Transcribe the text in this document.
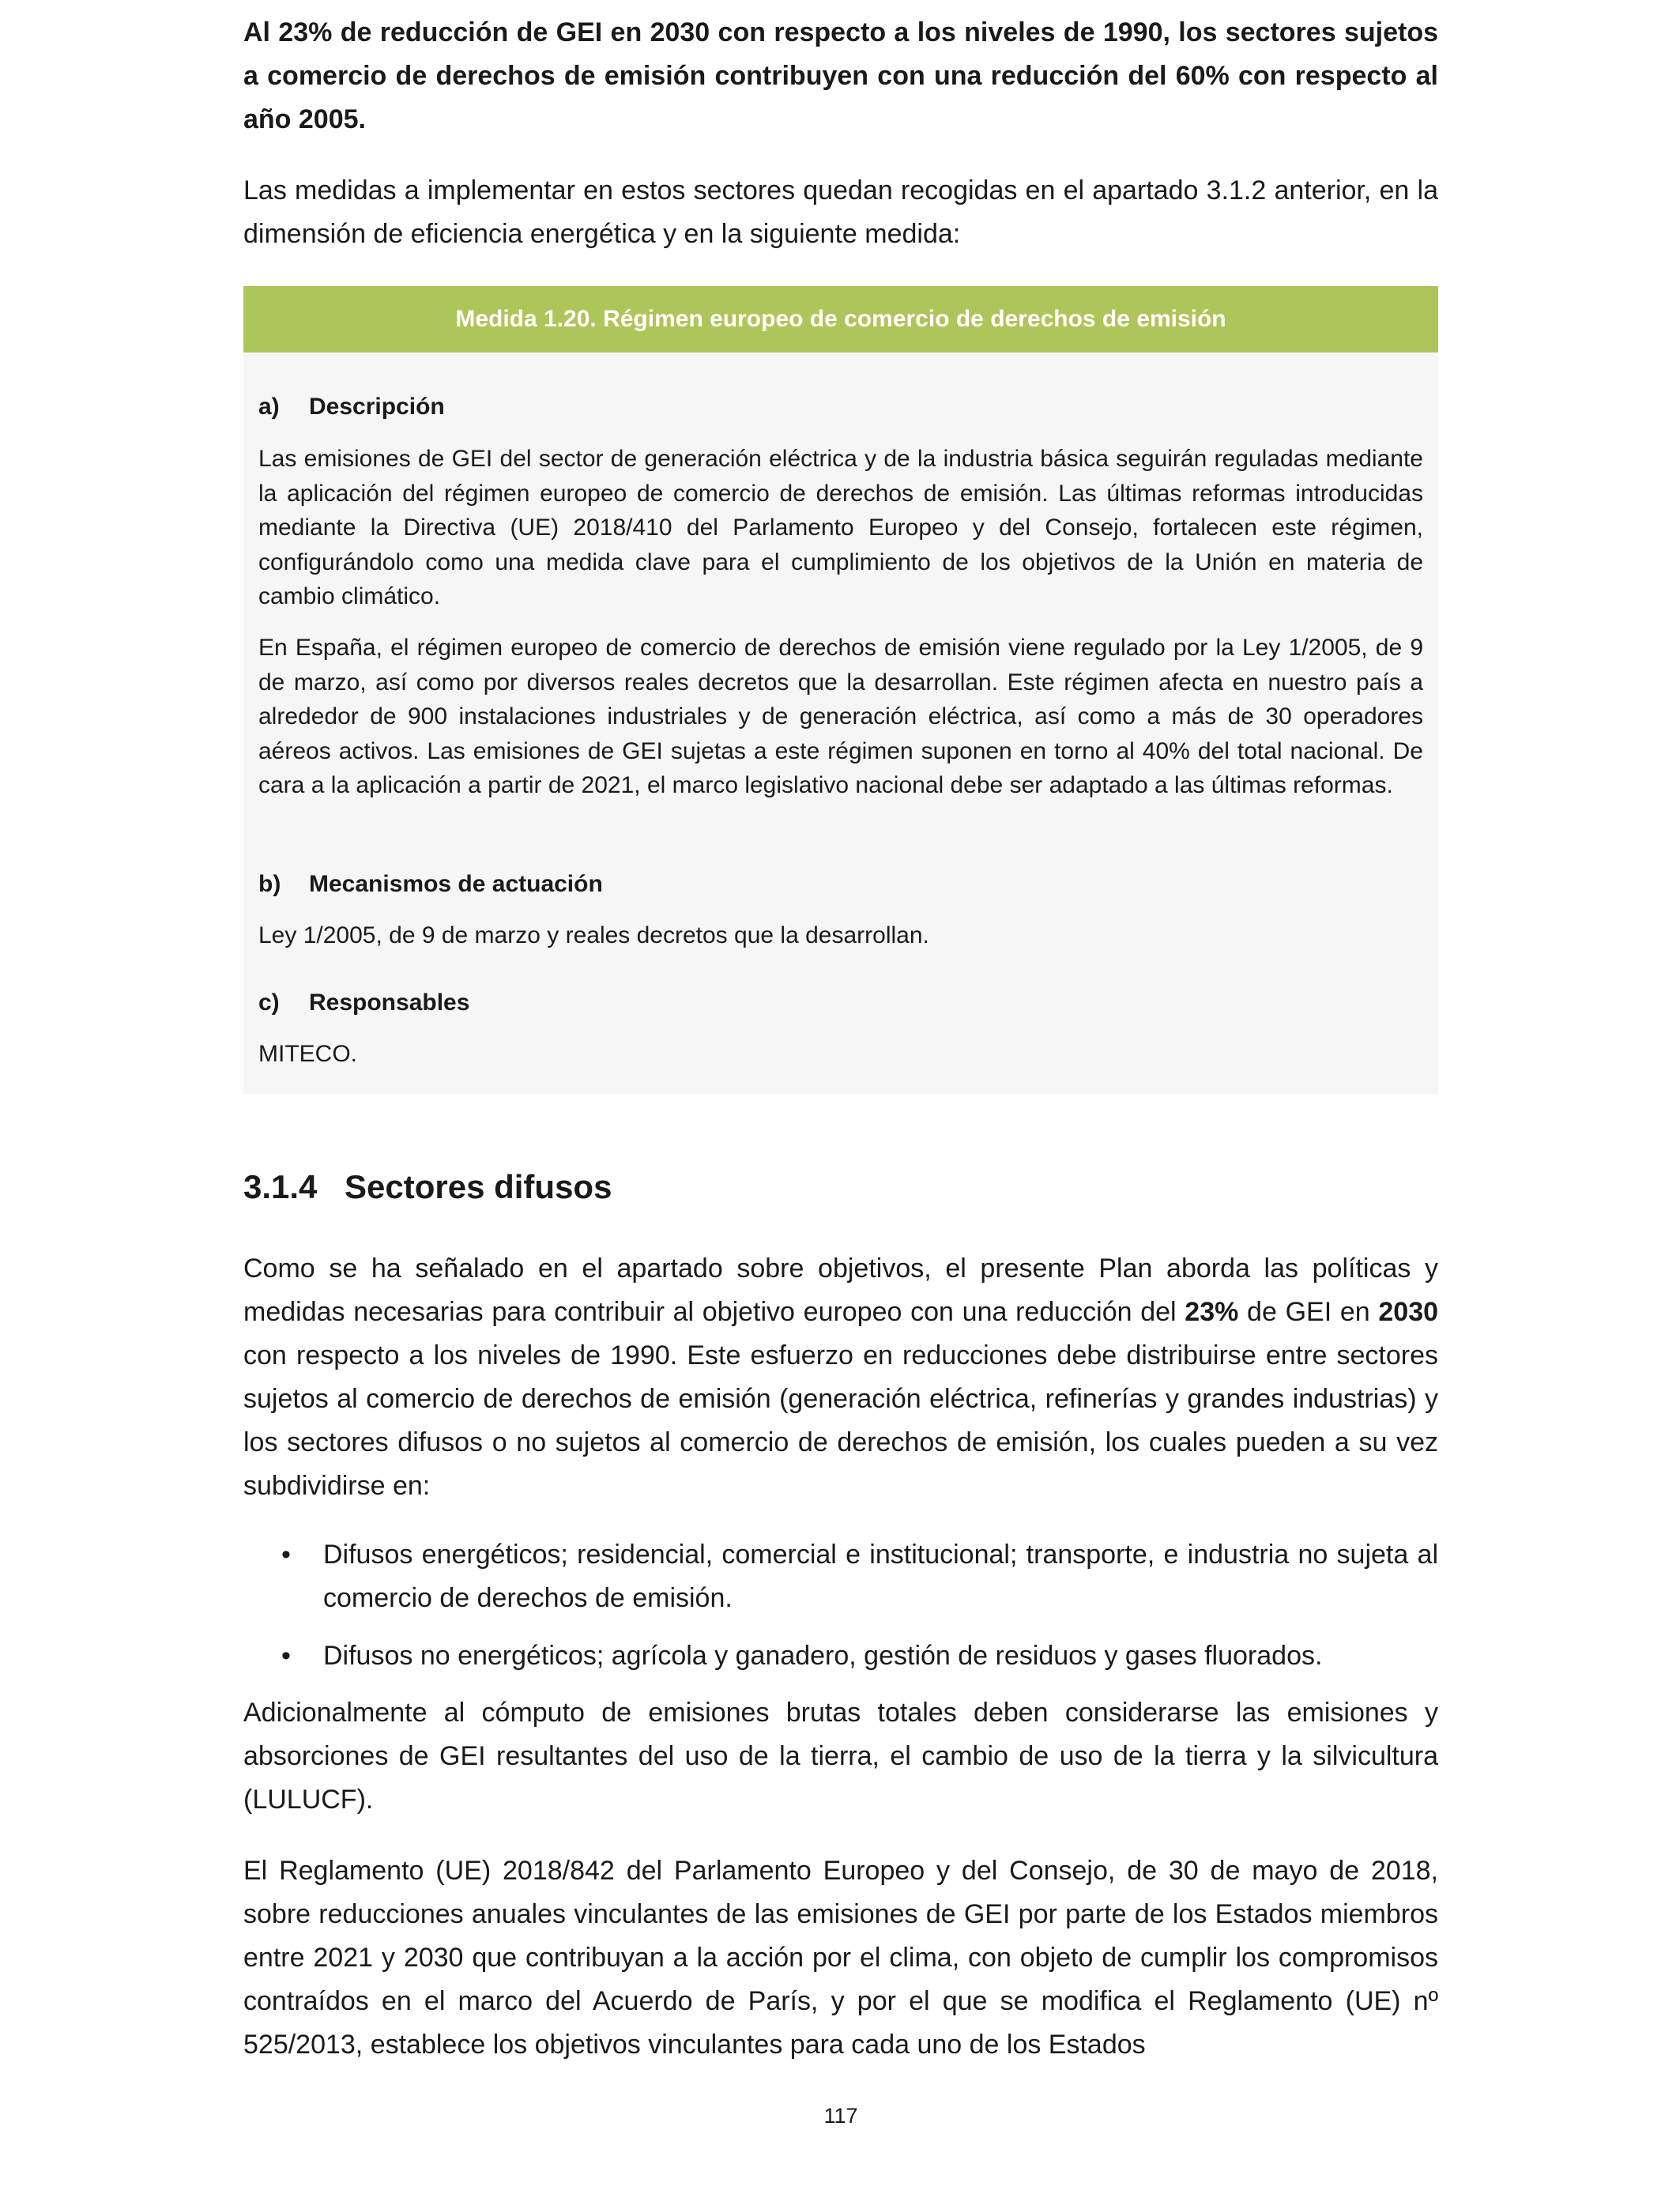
Al 23% de reducción de GEI en 2030 con respecto a los niveles de 1990, los sectores sujetos a comercio de derechos de emisión contribuyen con una reducción del 60% con respecto al año 2005.

Las medidas a implementar en estos sectores quedan recogidas en el apartado 3.1.2 anterior, en la dimensión de eficiencia energética y en la siguiente medida:

Medida 1.20. Régimen europeo de comercio de derechos de emisión
a)	Descripción

Las emisiones de GEI del sector de generación eléctrica y de la industria básica seguirán reguladas mediante la aplicación del régimen europeo de comercio de derechos de emisión. Las últimas reformas introducidas mediante la Directiva (UE) 2018/410 del Parlamento Europeo y del Consejo, fortalecen este régimen, configurándolo como una medida clave para el cumplimiento de los objetivos de la Unión en materia de cambio climático.

En España, el régimen europeo de comercio de derechos de emisión viene regulado por la Ley 1/2005, de 9 de marzo, así como por diversos reales decretos que la desarrollan. Este régimen afecta en nuestro país a alrededor de 900 instalaciones industriales y de generación eléctrica, así como a más de 30 operadores aéreos activos. Las emisiones de GEI sujetas a este régimen suponen en torno al 40% del total nacional. De cara a la aplicación a partir de 2021, el marco legislativo nacional debe ser adaptado a las últimas reformas.

b)	Mecanismos de actuación

Ley 1/2005, de 9 de marzo y reales decretos que la desarrollan.

c)	Responsables

MITECO.

3.1.4 Sectores difusos

Como se ha señalado en el apartado sobre objetivos, el presente Plan aborda las políticas y medidas necesarias para contribuir al objetivo europeo con una reducción del 23% de GEI en 2030 con respecto a los niveles de 1990. Este esfuerzo en reducciones debe distribuirse entre sectores sujetos al comercio de derechos de emisión (generación eléctrica, refinerías y grandes industrias) y los sectores difusos o no sujetos al comercio de derechos de emisión, los cuales pueden a su vez subdividirse en:

• Difusos energéticos; residencial, comercial e institucional; transporte, e industria no sujeta al comercio de derechos de emisión.
• Difusos no energéticos; agrícola y ganadero, gestión de residuos y gases fluorados.

Adicionalmente al cómputo de emisiones brutas totales deben considerarse las emisiones y absorciones de GEI resultantes del uso de la tierra, el cambio de uso de la tierra y la silvicultura (LULUCF).

El Reglamento (UE) 2018/842 del Parlamento Europeo y del Consejo, de 30 de mayo de 2018, sobre reducciones anuales vinculantes de las emisiones de GEI por parte de los Estados miembros entre 2021 y 2030 que contribuyan a la acción por el clima, con objeto de cumplir los compromisos contraídos en el marco del Acuerdo de París, y por el que se modifica el Reglamento (UE) nº 525/2013, establece los objetivos vinculantes para cada uno de los Estados

117
